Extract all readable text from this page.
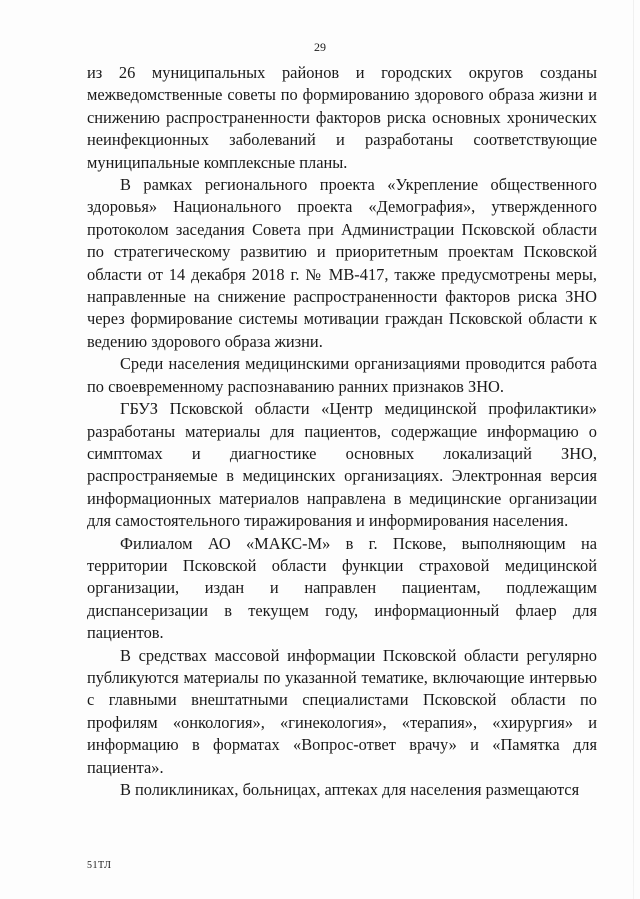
29

из 26 муниципальных районов и городских округов созданы межведомственные советы по формированию здорового образа жизни и снижению распространенности факторов риска основных хронических неинфекционных заболеваний и разработаны соответствующие муниципальные комплексные планы.

В рамках регионального проекта «Укрепление общественного здоровья» Национального проекта «Демография», утвержденного протоколом заседания Совета при Администрации Псковской области по стратегическому развитию и приоритетным проектам Псковской области от 14 декабря 2018 г. № МВ-417, также предусмотрены меры, направленные на снижение распространенности факторов риска ЗНО через формирование системы мотивации граждан Псковской области к ведению здорового образа жизни.

Среди населения медицинскими организациями проводится работа по своевременному распознаванию ранних признаков ЗНО.

ГБУЗ Псковской области «Центр медицинской профилактики» разработаны материалы для пациентов, содержащие информацию о симптомах и диагностике основных локализаций ЗНО, распространяемые в медицинских организациях. Электронная версия информационных материалов направлена в медицинские организации для самостоятельного тиражирования и информирования населения.

Филиалом АО «МАКС-М» в г. Пскове, выполняющим на территории Псковской области функции страховой медицинской организации, издан и направлен пациентам, подлежащим диспансеризации в текущем году, информационный флаер для пациентов.

В средствах массовой информации Псковской области регулярно публикуются материалы по указанной тематике, включающие интервью с главными внештатными специалистами Псковской области по профилям «онкология», «гинекология», «терапия», «хирургия» и информацию в форматах «Вопрос-ответ врачу» и «Памятка для пациента».

В поликлиниках, больницах, аптеках для населения размещаются

51ТЛ
